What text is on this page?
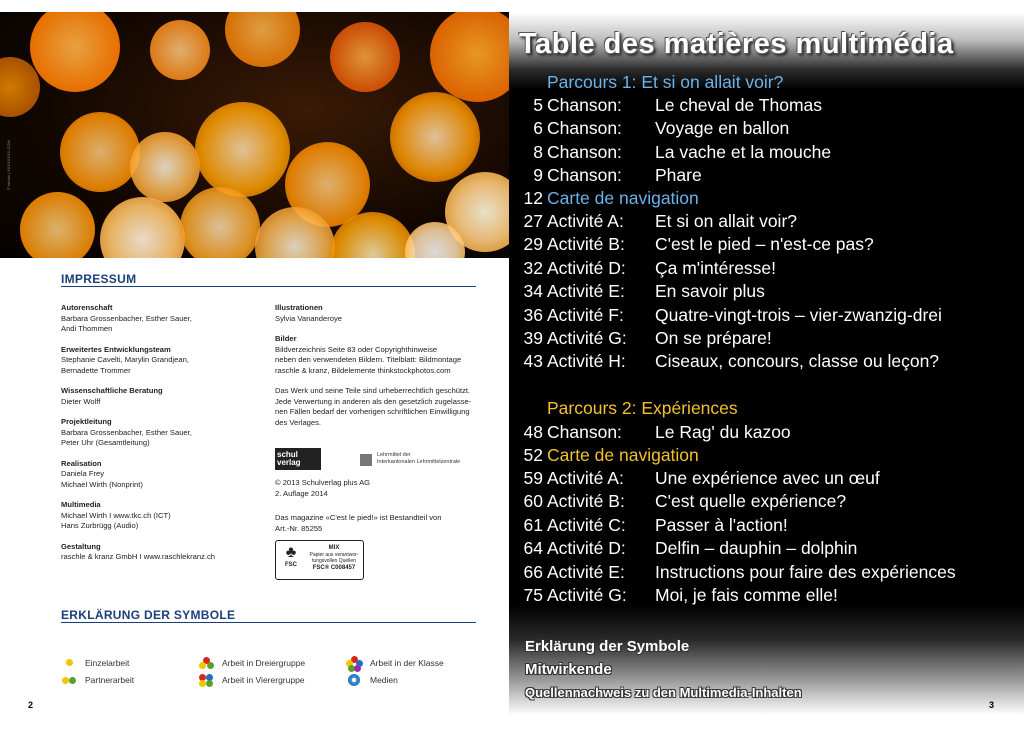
© fotolia | XXXXXXXX.COM
IMPRESSUM

Autorenschaft

Barbara Grossenbacher, Esther Sauer,

Andi Thommen

Erweitertes Entwicklungsteam

Stephanie Cavelti, Marylin Grandjean,

Bernadette Trommer

Wissenschaftliche Beratung

Dieter Wolff

Projektleitung

Barbara Grossenbacher, Esther Sauer,

Peter Uhr (Gesamtleitung)

Realisation

Daniela Frey

Michael Wirth (Nonprint)

Multimedia

Michael Wirth I www.tkc.ch (ICT)

Hans Zurbrügg (Audio)

Gestaltung

raschle & kranz GmbH I www.raschlekranz.ch

Illustrationen

Sylvia Vananderoye

Bilder

Bildverzeichnis Seite 83 oder Copyrighthinweise

neben den verwendeten Bildern. Titelblatt: Bildmontage

raschle & kranz, Bildelemente thinkstockphotos.com

Das Werk und seine Teile sind urheberrechtlich geschützt.

Jede Verwertung in anderen als den gesetzlich zugelasse-

nen Fällen bedarf der vorherigen schriftlichen Einwilligung

des Verlages.

schul verlag
Lehrmittel der
Interkantonalen Lehrmittelzentrale

© 2013 Schulverlag plus AG

2. Auflage 2014

Das magazine «C'est le pied!» ist Bestandteil von

Art.-Nr. 85255

♣
FSC
MIX
Papier aus verantwor-
tungsvollen Quellen
FSC® C008457
ERKLÄRUNG DER SYMBOLE
Einzelarbeit
Partnerarbeit
Arbeit in Dreiergruppe
Arbeit in Vierergruppe
Arbeit in der Klasse
Medien
2
Table des matières multimédia
Parcours 1: Et si on allait voir?
5 Chanson: Le cheval de Thomas
6 Chanson: Voyage en ballon
8 Chanson: La vache et la mouche
9 Chanson: Phare
12 Carte de navigation
27 Activité A: Et si on allait voir?
29 Activité B: C'est le pied – n'est-ce pas?
32 Activité D: Ça m'intéresse!
34 Activité E: En savoir plus
36 Activité F: Quatre-vingt-trois – vier-zwanzig-drei
39 Activité G: On se prépare!
43 Activité H: Ciseaux, concours, classe ou leçon?
Parcours 2: Expériences
48 Chanson: Le Rag' du kazoo
52 Carte de navigation
59 Activité A: Une expérience avec un œuf
60 Activité B: C'est quelle expérience?
61 Activité C: Passer à l'action!
64 Activité D: Delfin – dauphin – dolphin
66 Activité E: Instructions pour faire des expériences
75 Activité G: Moi, je fais comme elle!
Erklärung der Symbole
Mitwirkende
Quellennachweis zu den Multimedia-Inhalten
3
